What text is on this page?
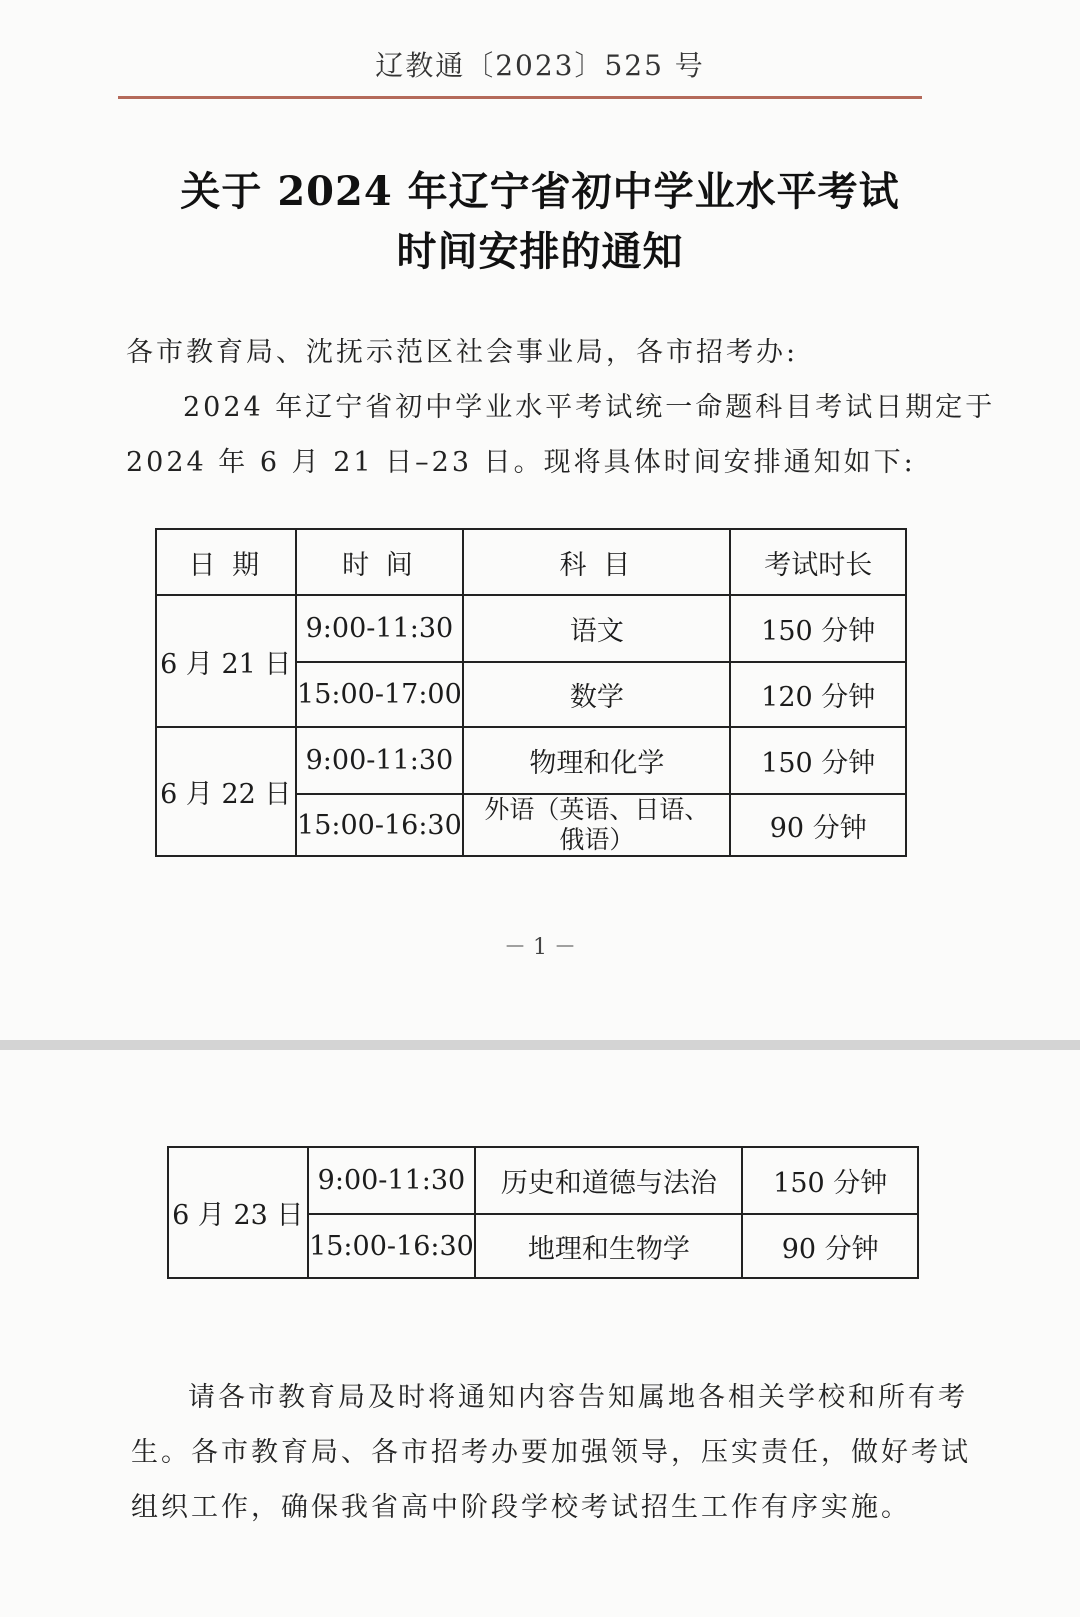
辽教通〔2023〕525 号
关于 2024 年辽宁省初中学业水平考试
时间安排的通知
各市教育局、沈抚示范区社会事业局，各市招考办:
2024 年辽宁省初中学业水平考试统一命题科目考试日期定于
2024 年 6 月 21 日–23 日。现将具体时间安排通知如下:
日 期	时 间	科 目	考试时长
6 月 21 日	9:00-11:30	语文	150 分钟
	15:00-17:00	数学	120 分钟
6 月 22 日	9:00-11:30	物理和化学	150 分钟
	15:00-16:30	外语（英语、日语、俄语）	90 分钟
－ 1 －
6 月 23 日	9:00-11:30	历史和道德与法治	150 分钟
	15:00-16:30	地理和生物学	90 分钟
请各市教育局及时将通知内容告知属地各相关学校和所有考
生。各市教育局、各市招考办要加强领导，压实责任，做好考试
组织工作，确保我省高中阶段学校考试招生工作有序实施。
